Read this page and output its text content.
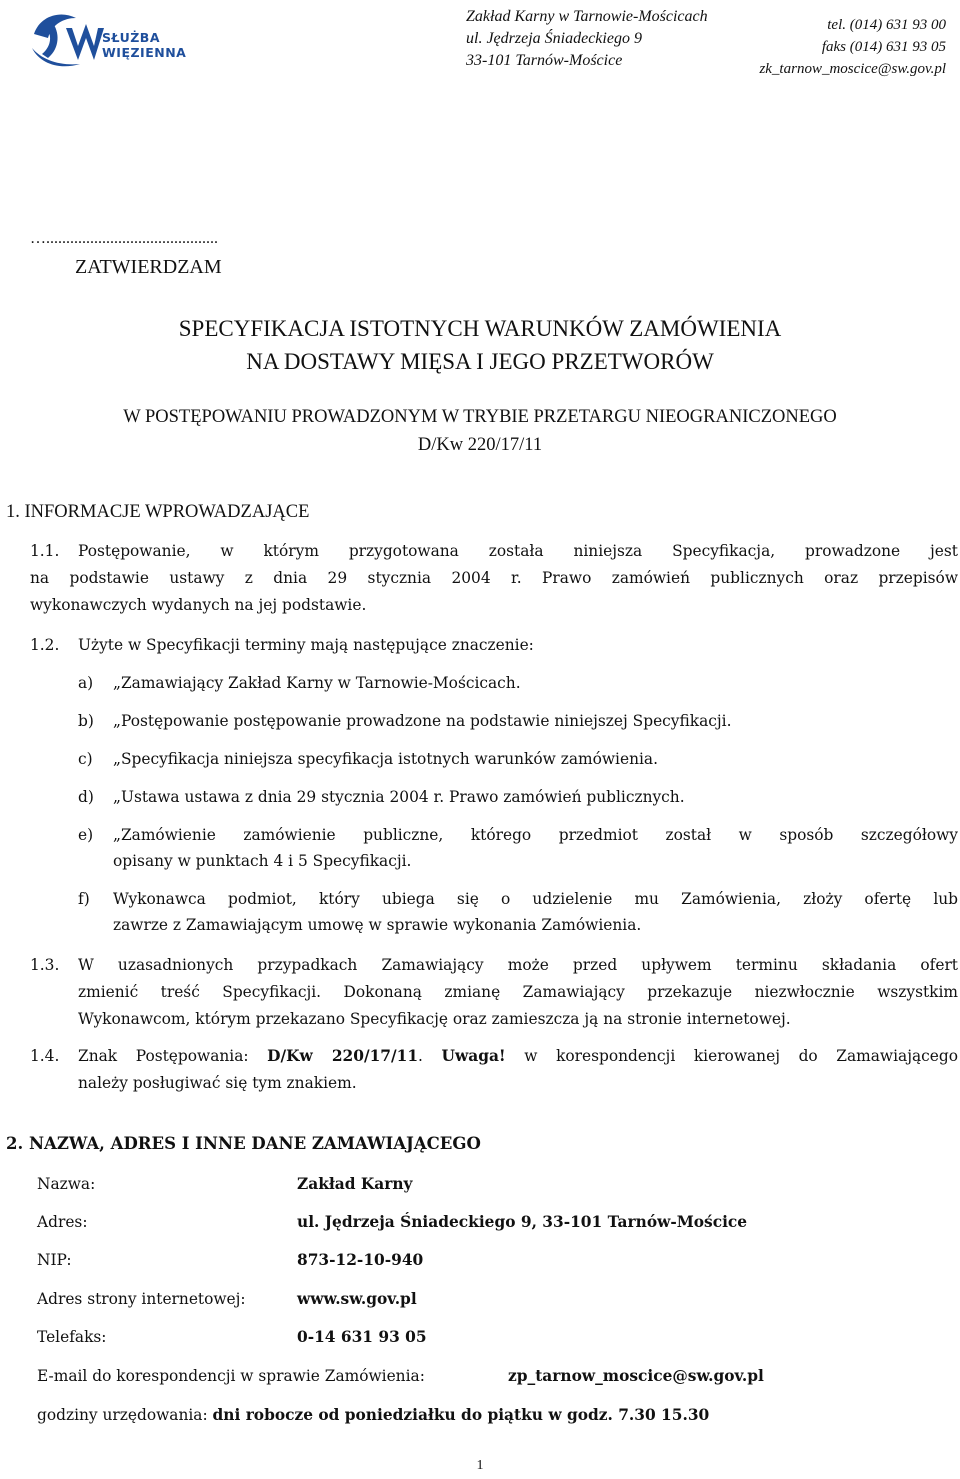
SŁUŻBA
WIĘZIENNA
Zakład Karny w Tarnowie-Mościcach
ul. Jędrzeja Śniadeckiego 9
33-101 Tarnów-Mościce
tel. (014) 631 93 00
faks (014) 631 93 05
zk_tarnow_moscice@sw.gov.pl
…...........................................
ZATWIERDZAM
SPECYFIKACJA ISTOTNYCH WARUNKÓW ZAMÓWIENIA
NA DOSTAWY MIĘSA I JEGO PRZETWORÓW
W POSTĘPOWANIU PROWADZONYM W TRYBIE PRZETARGU NIEOGRANICZONEGO
D/Kw 220/17/11
1. INFORMACJE WPROWADZAJĄCE
1.1. Postępowanie, w którym przygotowana została niniejsza Specyfikacja, prowadzone jest
na podstawie ustawy z dnia 29 stycznia 2004 r. Prawo zamówień publicznych oraz przepisów
wykonawczych wydanych na jej podstawie.
1.2. Użyte w Specyfikacji terminy mają następujące znaczenie:
a) „Zamawiający Zakład Karny w Tarnowie-Mościcach.
b) „Postępowanie postępowanie prowadzone na podstawie niniejszej Specyfikacji.
c) „Specyfikacja niniejsza specyfikacja istotnych warunków zamówienia.
d) „Ustawa ustawa z dnia 29 stycznia 2004 r. Prawo zamówień publicznych.
e) „Zamówienie zamówienie publiczne, którego przedmiot został w sposób szczegółowy
opisany w punktach 4 i 5 Specyfikacji.
f) Wykonawca podmiot, który ubiega się o udzielenie mu Zamówienia, złoży ofertę lub
zawrze z Zamawiającym umowę w sprawie wykonania Zamówienia.
1.3. W uzasadnionych przypadkach Zamawiający może przed upływem terminu składania ofert
zmienić treść Specyfikacji. Dokonaną zmianę Zamawiający przekazuje niezwłocznie wszystkim
Wykonawcom, którym przekazano Specyfikację oraz zamieszcza ją na stronie internetowej.
1.4. Znak Postępowania: D/Kw 220/17/11. Uwaga! w korespondencji kierowanej do Zamawiającego
należy posługiwać się tym znakiem.
2. NAZWA, ADRES I INNE DANE ZAMAWIAJĄCEGO
Nazwa:	Zakład Karny
Adres:	ul. Jędrzeja Śniadeckiego 9, 33-101 Tarnów-Mościce
NIP:	873-12-10-940
Adres strony internetowej:	www.sw.gov.pl
Telefaks:	0-14 631 93 05
E-mail do korespondencji w sprawie Zamówienia:	zp_tarnow_moscice@sw.gov.pl
godziny urzędowania: dni robocze od poniedziałku do piątku w godz. 7.30 15.30
1
